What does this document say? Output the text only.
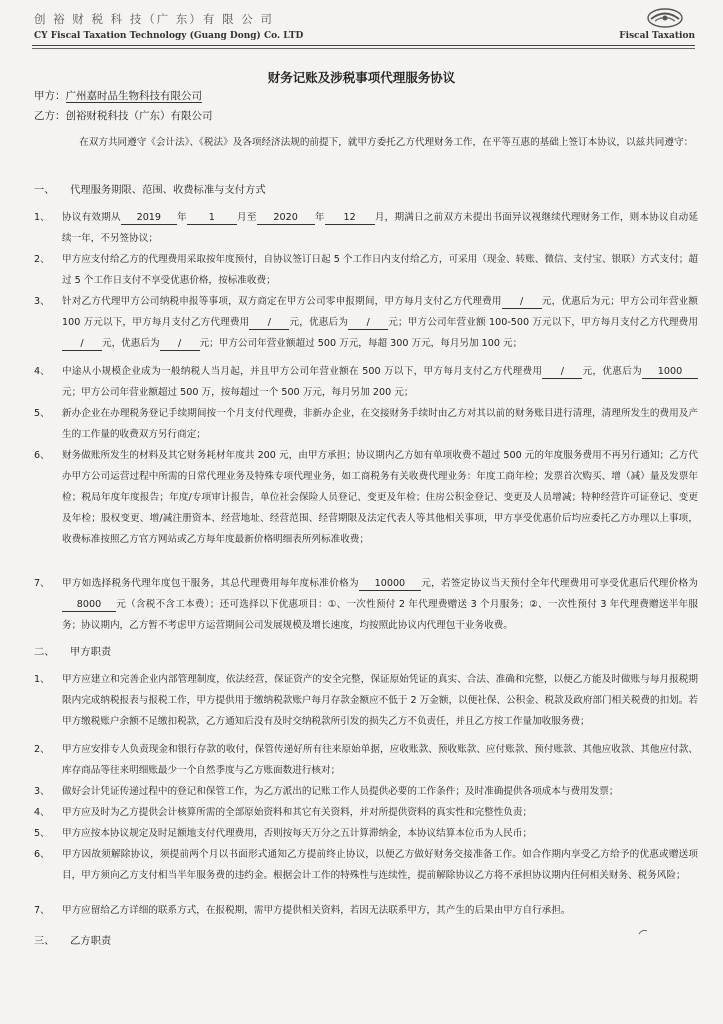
创 裕 财 税 科 技（广 东）有 限 公 司
CY Fiscal Taxation Technology (Guang Dong) Co. LTD	Fiscal Taxation
财务记账及涉税事项代理服务协议
甲方：广州嘉时品生物科技有限公司
乙方：创裕财税科技（广东）有限公司
在双方共同遵守《会计法》、《税法》及各项经济法规的前提下，就甲方委托乙方代理财务工作，在平等互惠的基础上签订本协议，以兹共同遵守：
一、 代理服务期限、范围、收费标准与支付方式
1、	协议有效期从 2019 年 1 月至 2020 年 12 月，期满日之前双方未提出书面异议视继续代理财务工作，则本协议自动延续一年，不另签协议；
2、	甲方应支付给乙方的代理费用采取按年度预付，自协议签订日起 5 个工作日内支付给乙方，可采用（现金、转账、微信、支付宝、银联）方式支付；超过 5 个工作日支付不享受优惠价格，按标准收费；
3、	针对乙方代理甲方公司纳税申报等事项，双方商定在甲方公司零申报期间，甲方每月支付乙方代理费用 / 元，优惠后为元；甲方公司年营业额 100 万元以下，甲方每月支付乙方代理费用 / 元，优惠后为 / 元；甲方公司年营业额 100-500 万元以下，甲方每月支付乙方代理费用/ 元，优惠后为 / 元；甲方公司年营业额超过 500 万元，每超 300 万元，每月另加 100 元；
4、	中途从小规模企业成为一般纳税人当月起，并且甲方公司年营业额在 500 万以下，甲方每月支付乙方代理费用 / 元，优惠后为 1000元；甲方公司年营业额超过 500 万，按每超过一个 500 万元，每月另加 200 元；
5、	新办企业在办理税务登记手续期间按一个月支付代理费，非新办企业，在交接财务手续时由乙方对其以前的财务账目进行清理，清理所发生的费用及产生的工作量的收费双方另行商定；
6、	财务做账所发生的材料及其它财务耗材年度共 200 元，由甲方承担；协议期内乙方如有单项收费不超过 500 元的年度服务费用不再另行通知；乙方代办甲方公司运营过程中所需的日常代理业务及特殊专项代理业务，如工商税务有关收费代理业务：年度工商年检；发票首次购买、增（减）量及发票年检；税局年度年度报告；年度/专项审计报告，单位社会保险人员登记、变更及年检；住房公积金登记、变更及人员增减；特种经营许可证登记、变更及年检；股权变更、增/减注册资本、经营地址、经营范围、经营期限及法定代表人等其他相关事项，甲方享受优惠价后均应委托乙方办理以上事项，收费标准按照乙方官方网站或乙方每年度最新价格明细表所列标准收费；
7、	甲方如选择税务代理年度包干服务，其总代理费用每年度标准价格为 10000 元，若签定协议当天预付全年代理费用可享受优惠后代理价格为8000 元（含税不含工本费）；还可选择以下优惠项目：①、一次性预付 2 年代理费赠送 3 个月服务；②、一次性预付 3 年代理费赠送半年服务；协议期内，乙方暂不考虑甲方运营期间公司发展规模及增长速度，均按照此协议内代理包干业务收费。
二、 甲方职责
1、	甲方应建立和完善企业内部管理制度，依法经营，保证资产的安全完整，保证原始凭证的真实、合法、准确和完整，以便乙方能及时做账与每月报税期限内完成纳税报表与报税工作，甲方提供用于缴纳税款账户每月存款金额应不低于 2 万金额，以便社保、公积金、税款及政府部门相关税费的扣划。若甲方缴税账户余额不足缴扣税款，乙方通知后没有及时交纳税款所引发的损失乙方不负责任，并且乙方按工作量加收服务费；
2、	甲方应安排专人负责现金和银行存款的收付，保管传递好所有往来原始单据，应收账款、预收账款、应付账款、预付账款、其他应收款、其他应付款、库存商品等往来明细账最少一个自然季度与乙方账面数进行核对；
3、	做好会计凭证传递过程中的登记和保管工作，为乙方派出的记账工作人员提供必要的工作条件；及时准确提供各项成本与费用发票；
4、	甲方应及时为乙方提供会计核算所需的全部原始资料和其它有关资料，并对所提供资料的真实性和完整性负责；
5、	甲方应按本协议规定及时足额地支付代理费用，否则按每天万分之五计算滞纳金，本协议结算本位币为人民币；
6、	甲方因故须解除协议，须提前两个月以书面形式通知乙方提前终止协议，以便乙方做好财务交接准备工作。如合作期内享受乙方给予的优惠或赠送项目，甲方须向乙方支付相当半年服务费的违约金。根据会计工作的特殊性与连续性，提前解除协议乙方将不承担协议期内任何相关财务、税务风险；
7、	甲方应留给乙方详细的联系方式，在报税期，需甲方提供相关资料，若因无法联系甲方，其产生的后果由甲方自行承担。
三、 乙方职责
